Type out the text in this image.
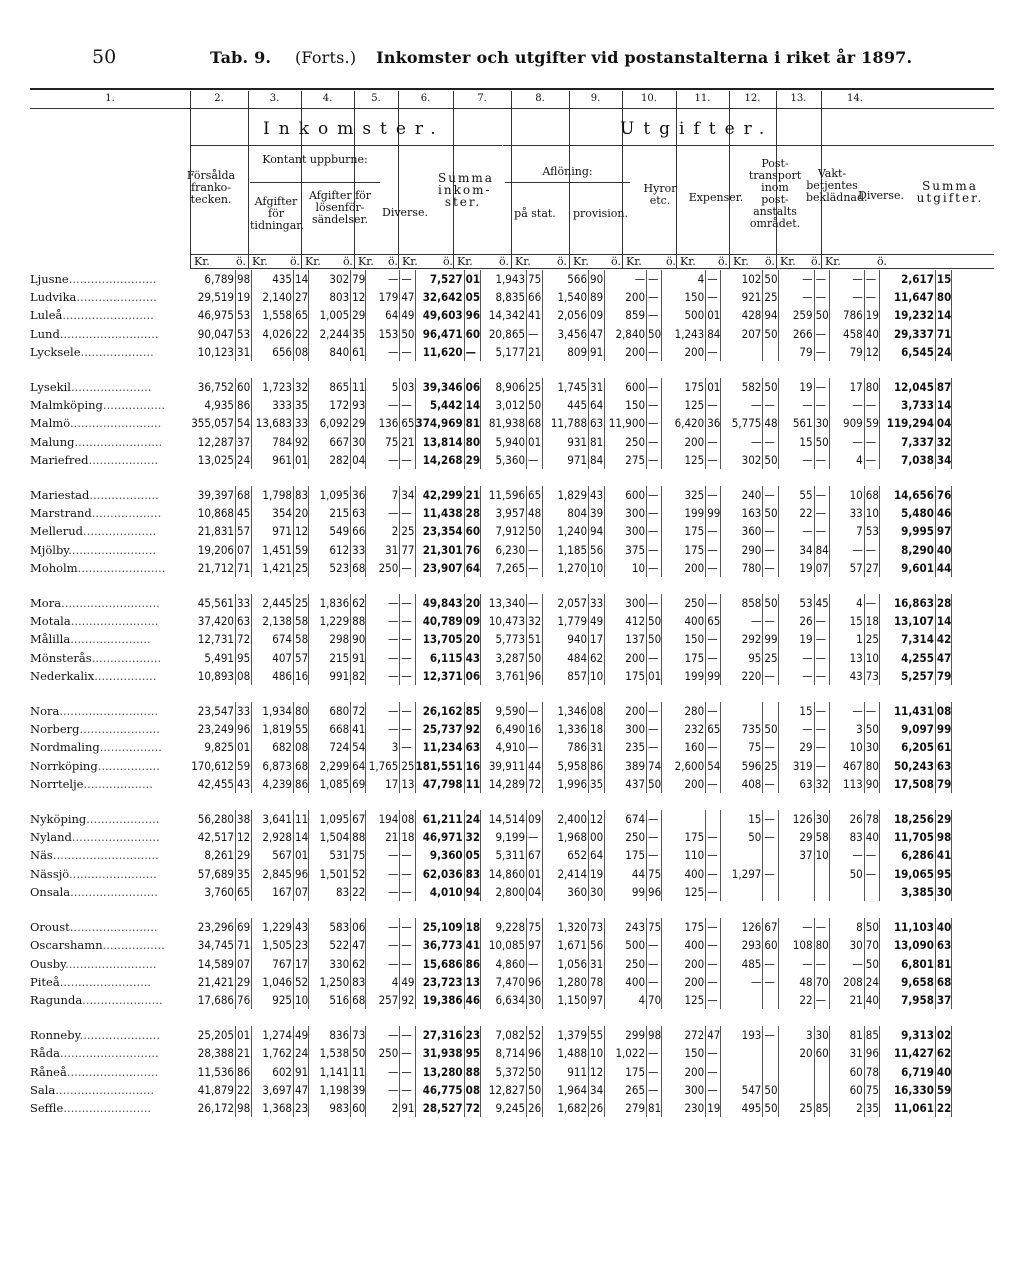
50	Tab. 9. (Forts.) Inkomster och utgifter vid postanstalterna i riket år 1897.
1.	2.	3.	4.	5.	6.	7.	8.	9.	10.	11.	12.	13.	14.
Inkomster.	Utgifter.
Försålda franko-tecken.
Kontant uppburne:
Afgifter för tidningar.
Afgifter för lösenför-sändelser.
Diverse.
Summa inkom-ster.
Aflöning:
på stat.	provision.
Hyror etc.	Expenser.
Post-transport inom post-anstalts området.
Vakt-betjentes beklädnad.
Diverse.
Summa utgifter.
Kr. ö. Kr. ö. Kr. ö. Kr. ö. Kr. ö. Kr. ö. Kr. ö. Kr. ö. Kr. ö. Kr. ö. Kr. ö. Kr. ö. Kr.	ö.
Ljusne........................	6,789	98	435	14	302	79	—	—	7,527	01	1,943	75	566	90	—	—	4	—	102	50	—	—	—	—	2,617	15
Ludvika......................	29,519	19	2,140	27	803	12	179	47	32,642	05	8,835	66	1,540	89	200	—	150	—	921	25	—	—	—	—	11,647	80
Luleå.........................	46,975	53	1,558	65	1,005	29	64	49	49,603	96	14,342	41	2,056	09	859	—	500	01	428	94	259	50	786	19	19,232	14
Lund...........................	90,047	53	4,026	22	2,244	35	153	50	96,471	60	20,865	—	3,456	47	2,840	50	1,243	84	207	50	266	—	458	40	29,337	71
Lycksele....................	10,123	31	656	08	840	61	—	—	11,620	—	5,177	21	809	91	200	—	200	—			79	—	79	12	6,545	24

Lysekil......................	36,752	60	1,723	32	865	11	5	03	39,346	06	8,906	25	1,745	31	600	—	175	01	582	50	19	—	17	80	12,045	87
Malmköping.................	4,935	86	333	35	172	93	—	—	5,442	14	3,012	50	445	64	150	—	125	—	—	—	—	—	—	—	3,733	14
Malmö.........................	355,057	54	13,683	33	6,092	29	136	65	374,969	81	81,938	68	11,788	63	11,900	—	6,420	36	5,775	48	561	30	909	59	119,294	04
Malung........................	12,287	37	784	92	667	30	75	21	13,814	80	5,940	01	931	81	250	—	200	—	—	—	15	50	—	—	7,337	32
Mariefred...................	13,025	24	961	01	282	04	—	—	14,268	29	5,360	—	971	84	275	—	125	—	302	50	—	—	4	—	7,038	34

Mariestad...................	39,397	68	1,798	83	1,095	36	7	34	42,299	21	11,596	65	1,829	43	600	—	325	—	240	—	55	—	10	68	14,656	76
Marstrand...................	10,868	45	354	20	215	63	—	—	11,438	28	3,957	48	804	39	300	—	199	99	163	50	22	—	33	10	5,480	46
Mellerud....................	21,831	57	971	12	549	66	2	25	23,354	60	7,912	50	1,240	94	300	—	175	—	360	—	—	—	7	53	9,995	97
Mjölby........................	19,206	07	1,451	59	612	33	31	77	21,301	76	6,230	—	1,185	56	375	—	175	—	290	—	34	84	—	—	8,290	40
Moholm........................	21,712	71	1,421	25	523	68	250	—	23,907	64	7,265	—	1,270	10	10	—	200	—	780	—	19	07	57	27	9,601	44

Mora...........................	45,561	33	2,445	25	1,836	62	—	—	49,843	20	13,340	—	2,057	33	300	—	250	—	858	50	53	45	4	—	16,863	28
Motala........................	37,420	63	2,138	58	1,229	88	—	—	40,789	09	10,473	32	1,779	49	412	50	400	65	—	—	26	—	15	18	13,107	14
Målilla......................	12,731	72	674	58	298	90	—	—	13,705	20	5,773	51	940	17	137	50	150	—	292	99	19	—	1	25	7,314	42
Mönsterås...................	5,491	95	407	57	215	91	—	—	6,115	43	3,287	50	484	62	200	—	175	—	95	25	—	—	13	10	4,255	47
Nederkalix.................	10,893	08	486	16	991	82	—	—	12,371	06	3,761	96	857	10	175	01	199	99	220	—	—	—	43	73	5,257	79

Nora...........................	23,547	33	1,934	80	680	72	—	—	26,162	85	9,590	—	1,346	08	200	—	280	—			15	—	—	—	11,431	08
Norberg......................	23,249	96	1,819	55	668	41	—	—	25,737	92	6,490	16	1,336	18	300	—	232	65	735	50	—	—	3	50	9,097	99
Nordmaling.................	9,825	01	682	08	724	54	3	—	11,234	63	4,910	—	786	31	235	—	160	—	75	—	29	—	10	30	6,205	61
Norrköping.................	170,612	59	6,873	68	2,299	64	1,765	25	181,551	16	39,911	44	5,958	86	389	74	2,600	54	596	25	319	—	467	80	50,243	63
Norrtelje...................	42,455	43	4,239	86	1,085	69	17	13	47,798	11	14,289	72	1,996	35	437	50	200	—	408	—	63	32	113	90	17,508	79

Nyköping....................	56,280	38	3,641	11	1,095	67	194	08	61,211	24	14,514	09	2,400	12	674	—			15	—	126	30	26	78	18,256	29
Nyland........................	42,517	12	2,928	14	1,504	88	21	18	46,971	32	9,199	—	1,968	00	250	—	175	—	50	—	29	58	83	40	11,705	98
Näs.............................	8,261	29	567	01	531	75	—	—	9,360	05	5,311	67	652	64	175	—	110	—			37	10	—	—	6,286	41
Nässjö........................	57,689	35	2,845	96	1,501	52	—	—	62,036	83	14,860	01	2,414	19	44	75	400	—	1,297	—			50	—	19,065	95
Onsala........................	3,760	65	167	07	83	22	—	—	4,010	94	2,800	04	360	30	99	96	125	—							3,385	30

Oroust........................	23,296	69	1,229	43	583	06	—	—	25,109	18	9,228	75	1,320	73	243	75	175	—	126	67	—	—	8	50	11,103	40
Oscarshamn.................	34,745	71	1,505	23	522	47	—	—	36,773	41	10,085	97	1,671	56	500	—	400	—	293	60	108	80	30	70	13,090	63
Ousby.........................	14,589	07	767	17	330	62	—	—	15,686	86	4,860	—	1,056	31	250	—	200	—	485	—	—	—	—	50	6,801	81
Piteå.........................	21,421	29	1,046	52	1,250	83	4	49	23,723	13	7,470	96	1,280	78	400	—	200	—	—	—	48	70	208	24	9,658	68
Ragunda......................	17,686	76	925	10	516	68	257	92	19,386	46	6,634	30	1,150	97	4	70	125	—			22	—	21	40	7,958	37

Ronneby......................	25,205	01	1,274	49	836	73	—	—	27,316	23	7,082	52	1,379	55	299	98	272	47	193	—	3	30	81	85	9,313	02
Råda...........................	28,388	21	1,762	24	1,538	50	250	—	31,938	95	8,714	96	1,488	10	1,022	—	150	—			20	60	31	96	11,427	62
Råneå.........................	11,536	86	602	91	1,141	11	—	—	13,280	88	5,372	50	911	12	175	—	200	—					60	78	6,719	40
Sala...........................	41,879	22	3,697	47	1,198	39	—	—	46,775	08	12,827	50	1,964	34	265	—	300	—	547	50			60	75	16,330	59
Seffle........................	26,172	98	1,368	23	983	60	2	91	28,527	72	9,245	26	1,682	26	279	81	230	19	495	50	25	85	2	35	11,061	22
